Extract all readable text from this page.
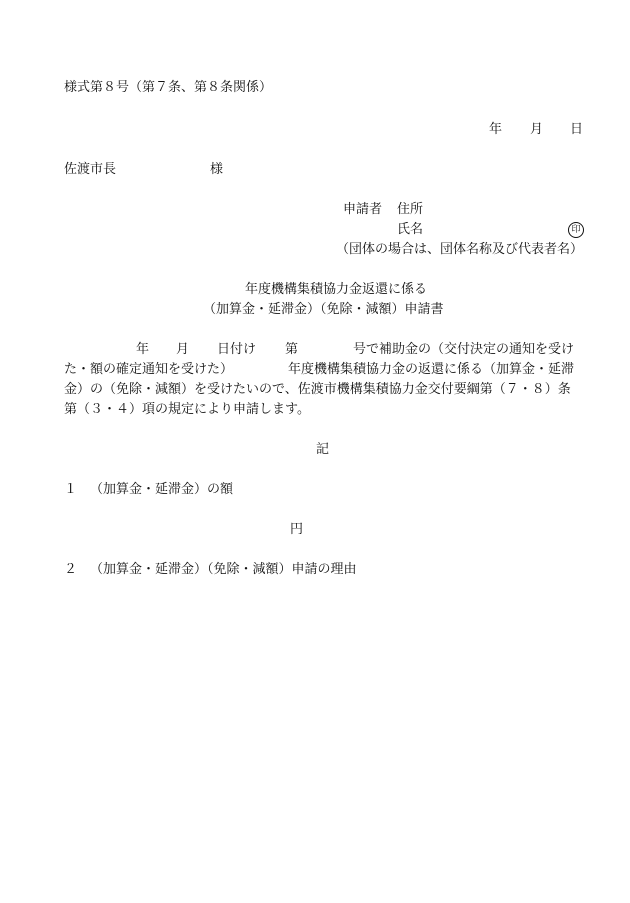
様式第８号（第７条、第８条関係）
年 月 日
佐渡市長	様
申請者 住所
氏名	印
（団体の場合は、団体名称及び代表者名）
年度機構集積協力金返還に係る
（加算金・延滞金）（免除・減額）申請書
年 月 日付け 第	号で補助金の（交付決定の通知を受け
た・額の確定通知を受けた）	年度機構集積協力金の返還に係る（加算金・延滞
金）の（免除・減額）を受けたいので、佐渡市機構集積協力金交付要綱第（７・８）条
第（３・４）項の規定により申請します。
記
１ （加算金・延滞金）の額
円
２ （加算金・延滞金）（免除・減額）申請の理由
